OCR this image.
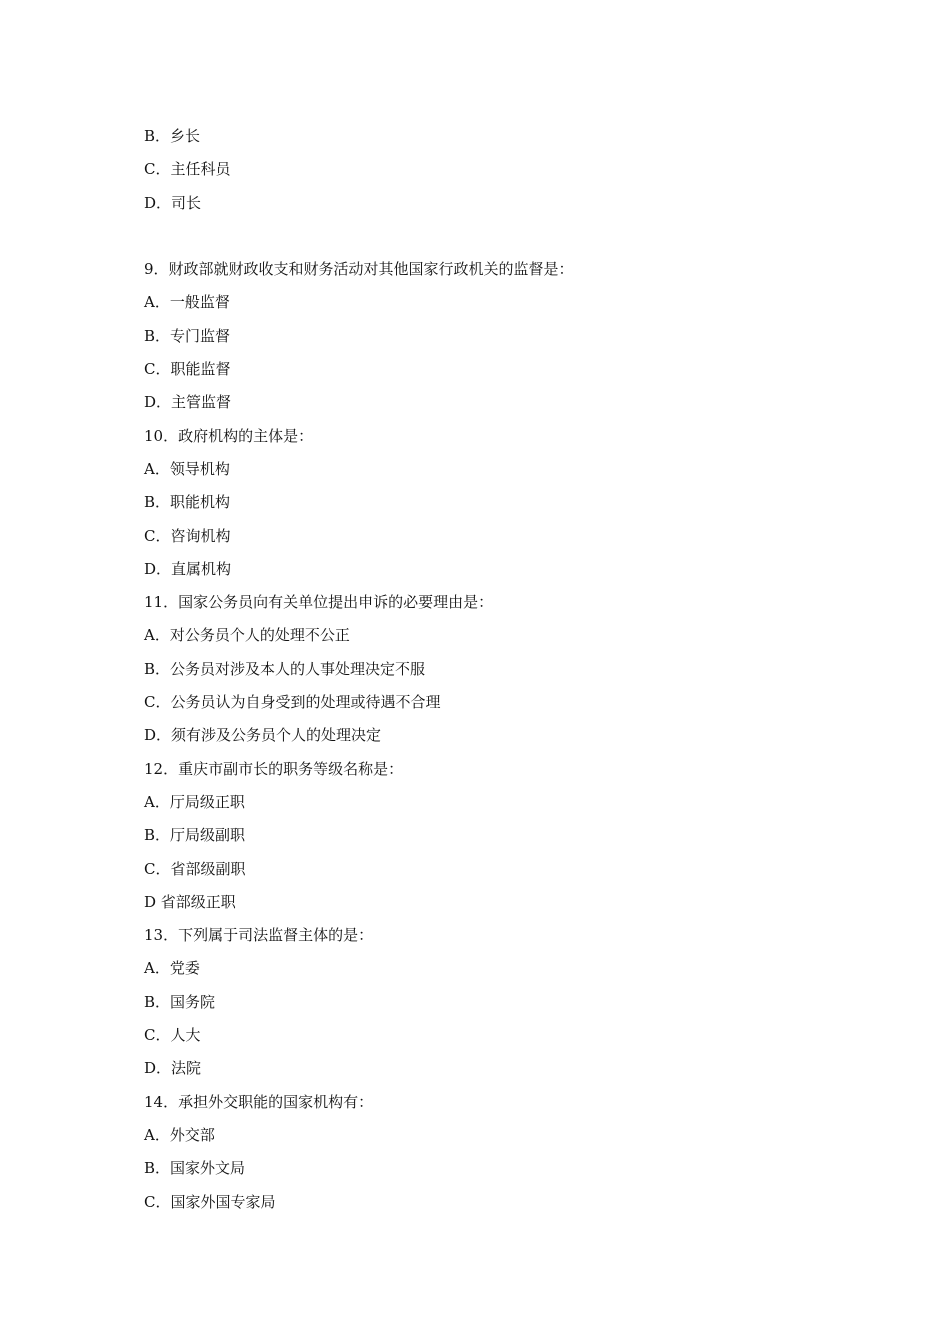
B．乡长
C．主任科员
D．司长
9．财政部就财政收支和财务活动对其他国家行政机关的监督是：
A．一般监督
B．专门监督
C．职能监督
D．主管监督
10．政府机构的主体是：
A．领导机构
B．职能机构
C．咨询机构
D．直属机构
11．国家公务员向有关单位提出申诉的必要理由是：
A．对公务员个人的处理不公正
B．公务员对涉及本人的人事处理决定不服
C．公务员认为自身受到的处理或待遇不合理
D．须有涉及公务员个人的处理决定
12．重庆市副市长的职务等级名称是：
A．厅局级正职
B．厅局级副职
C．省部级副职
D 省部级正职
13．下列属于司法监督主体的是：
A．党委
B．国务院
C．人大
D．法院
14．承担外交职能的国家机构有：
A．外交部
B．国家外文局
C．国家外国专家局
